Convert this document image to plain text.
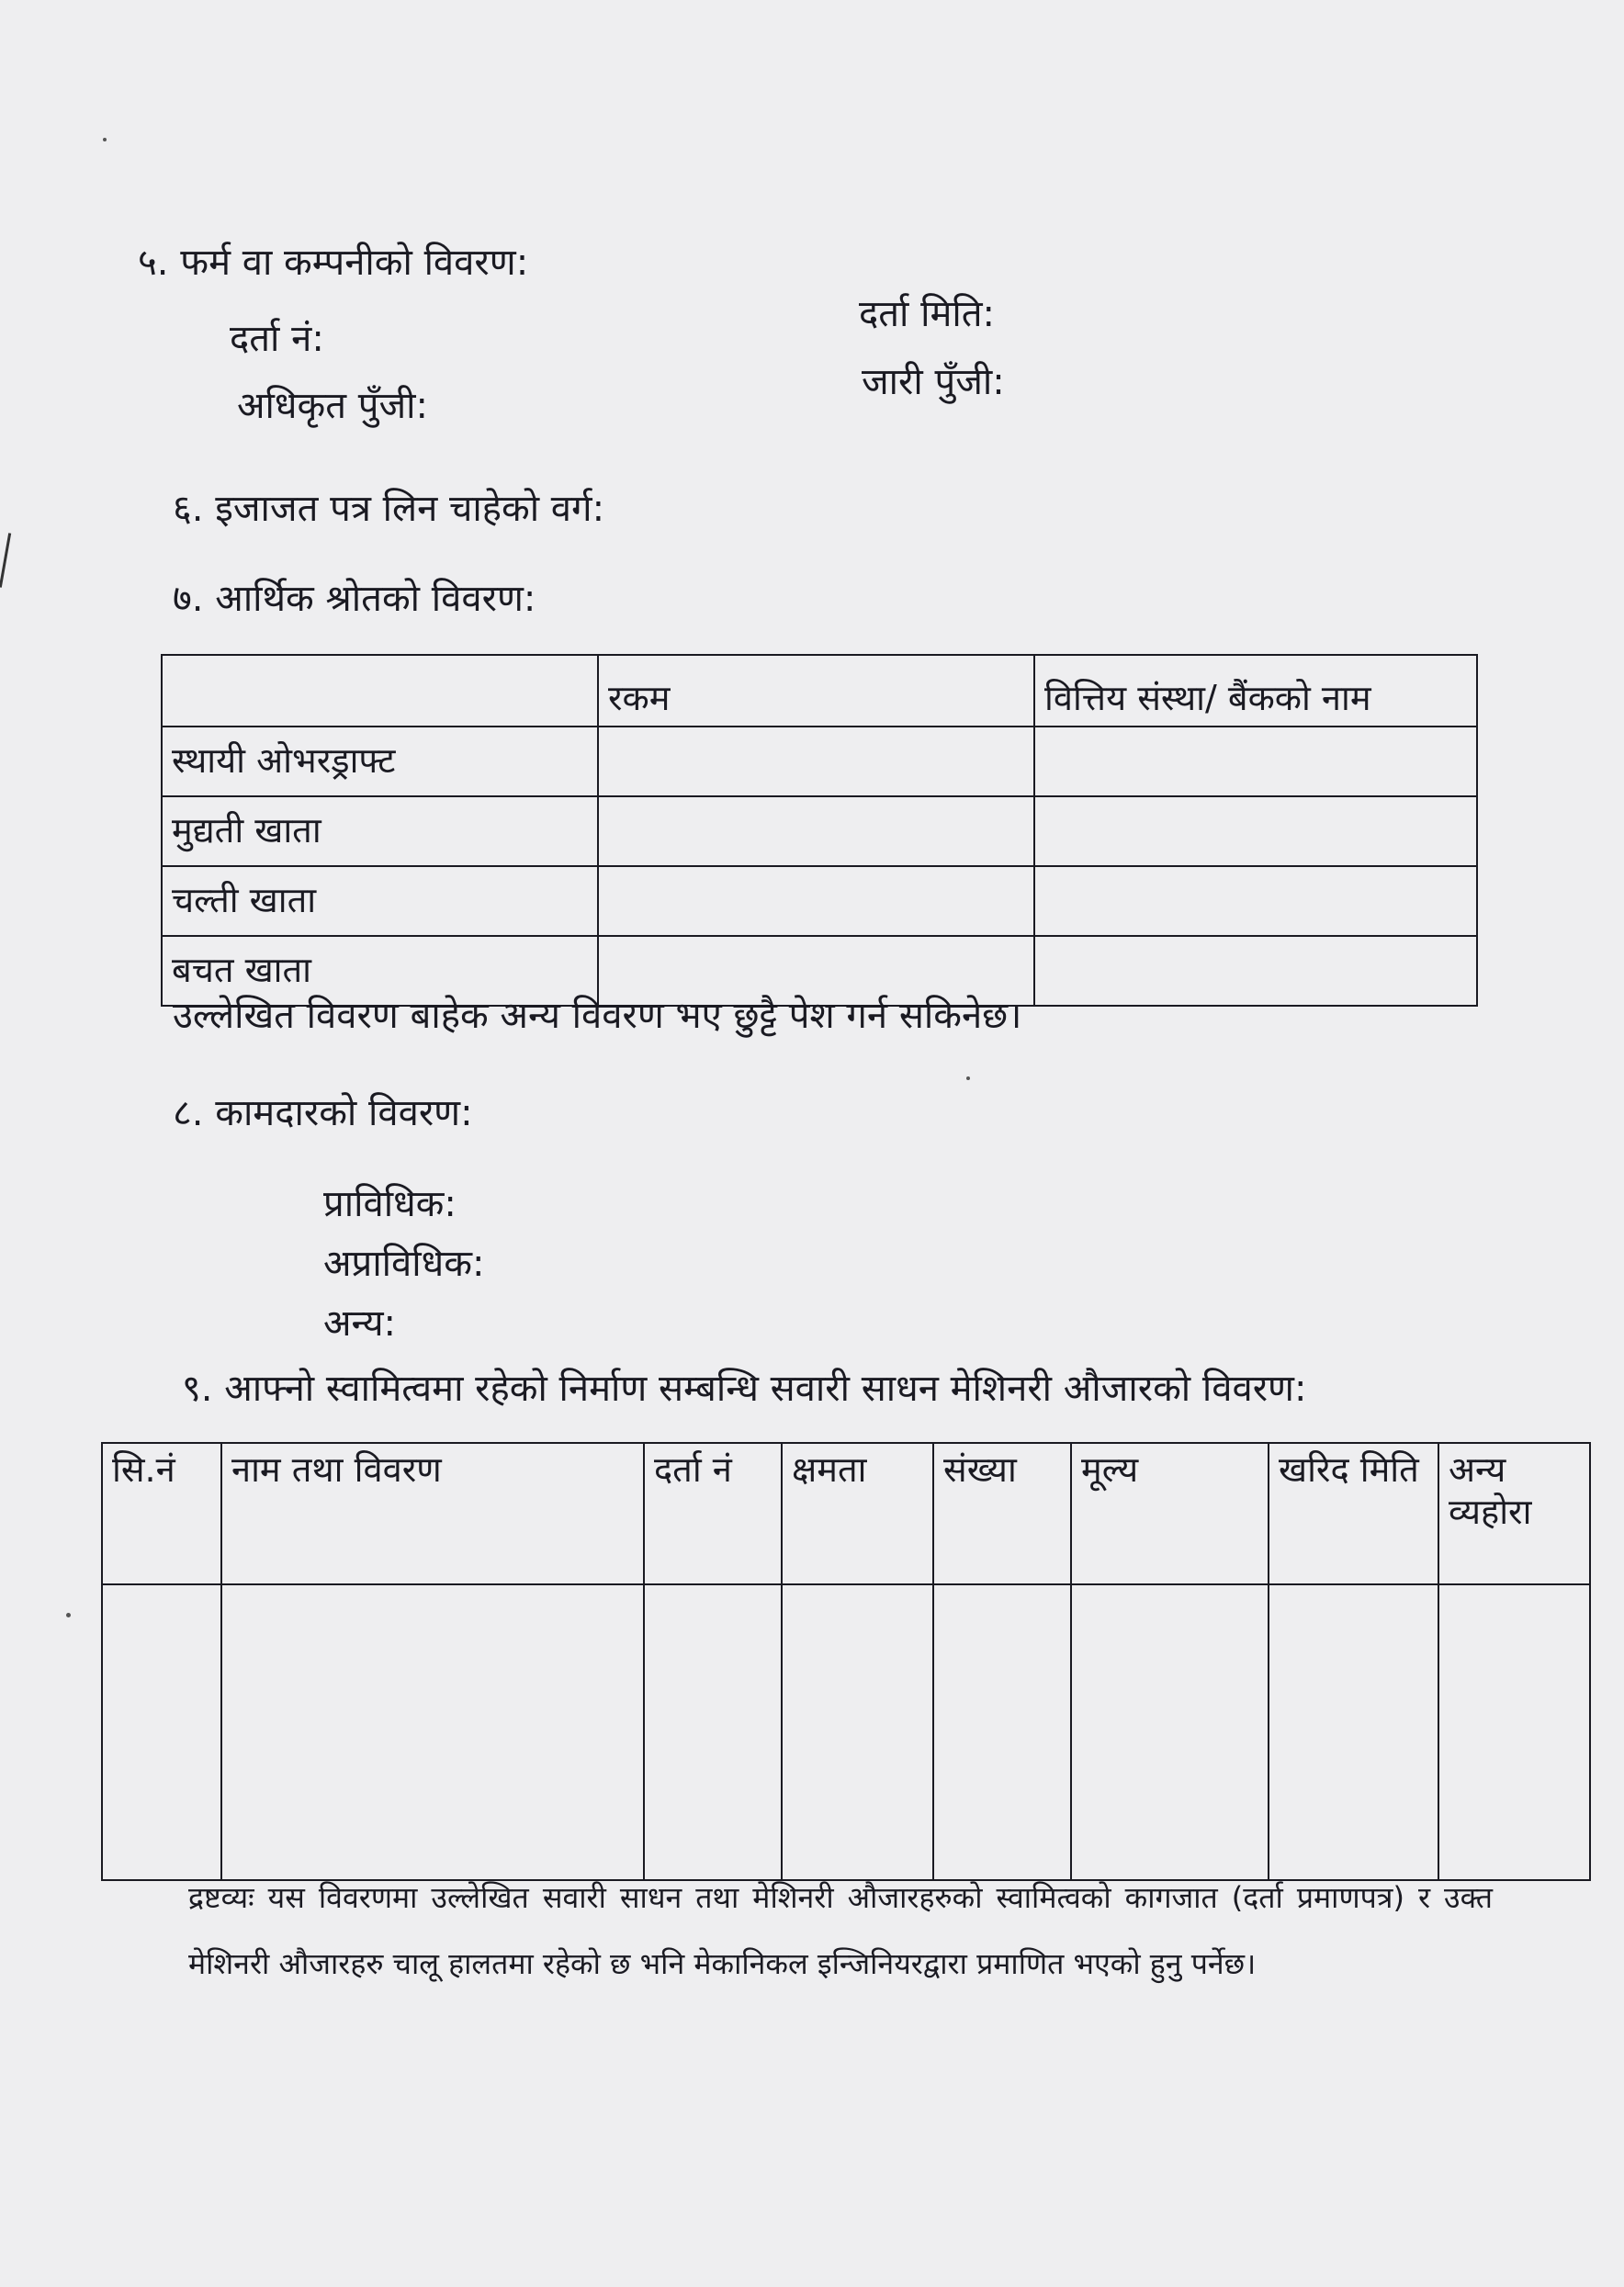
५. फर्म वा कम्पनीको विवरण:
दर्ता नं:
दर्ता मिति:
अधिकृत पुँजी:
जारी पुँजी:
६. इजाजत पत्र लिन चाहेको वर्ग:
७. आर्थिक श्रोतको विवरण:
	रकम	वित्तिय संस्था/ बैंकको नाम
स्थायी ओभरड्राफ्ट		
मुद्यती खाता		
चल्ती खाता		
बचत खाता		
उल्लेखित विवरण बाहेक अन्य विवरण भए छुट्टै पेश गर्न सकिनेछ।
८. कामदारको विवरण:
प्राविधिक:
अप्राविधिक:
अन्य:
९. आफ्नो स्वामित्वमा रहेको निर्माण सम्बन्धि सवारी साधन मेशिनरी औजारको विवरण:
सि.नं	नाम तथा विवरण	दर्ता नं	क्षमता	संख्या	मूल्य	खरिद मिति	अन्य व्यहोरा

द्रष्टव्यः यस विवरणमा उल्लेखित सवारी साधन तथा मेशिनरी औजारहरुको स्वामित्वको कागजात (दर्ता प्रमाणपत्र) र उक्त मेशिनरी औजारहरु चालू हालतमा रहेको छ भनि मेकानिकल इन्जिनियरद्वारा प्रमाणित भएको हुनु पर्नेछ।
